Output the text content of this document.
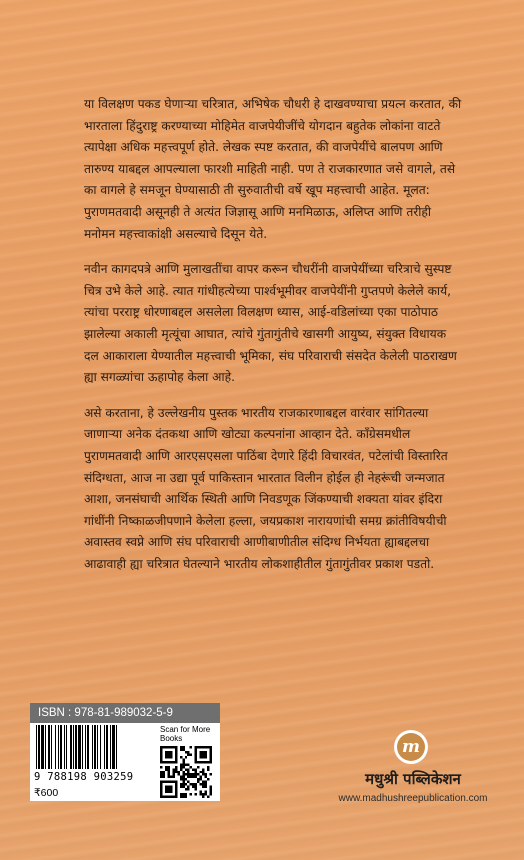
या विलक्षण पकड घेणाऱ्या चरित्रात, अभिषेक चौधरी हे दाखवण्याचा प्रयत्न करतात, की भारताला हिंदुराष्ट्र करण्याच्या मोहिमेत वाजपेयीजींचे योगदान बहुतेक लोकांना वाटते त्यापेक्षा अधिक महत्त्वपूर्ण होते. लेखक स्पष्ट करतात, की वाजपेयींचे बालपण आणि तारुण्य याबद्दल आपल्याला फारशी माहिती नाही. पण ते राजकारणात जसे वागले, तसे का वागले हे समजून घेण्यासाठी ती सुरुवातीची वर्षे खूप महत्त्वाची आहेत. मूलत: पुराणमतवादी असूनही ते अत्यंत जिज्ञासू आणि मनमिळाऊ, अलिप्त आणि तरीही मनोमन महत्त्वाकांक्षी असल्याचे दिसून येते.

नवीन कागदपत्रे आणि मुलाखतींचा वापर करून चौधरींनी वाजपेयींच्या चरित्राचे सुस्पष्ट चित्र उभे केले आहे. त्यात गांधीहत्येच्या पार्श्वभूमीवर वाजपेयींनी गुप्तपणे केलेले कार्य, त्यांचा परराष्ट्र धोरणाबद्दल असलेला विलक्षण ध्यास, आई-वडिलांच्या एका पाठोपाठ झालेल्या अकाली मृत्यूंचा आघात, त्यांचे गुंतागुंतीचे खासगी आयुष्य, संयुक्त विधायक दल आकाराला येण्यातील महत्त्वाची भूमिका, संघ परिवाराची संसदेत केलेली पाठराखण ह्या सगळ्यांचा ऊहापोह केला आहे.

असे करताना, हे उल्लेखनीय पुस्तक भारतीय राजकारणाबद्दल वारंवार सांगितल्या जाणाऱ्या अनेक दंतकथा आणि खोट्या कल्पनांना आव्हान देते. काँग्रेसमधील पुराणमतवादी आणि आरएसएसला पाठिंबा देणारे हिंदी विचारवंत, पटेलांची विस्तारित संदिग्धता, आज ना उद्या पूर्व पाकिस्तान भारतात विलीन होईल ही नेहरूंची जन्मजात आशा, जनसंघाची आर्थिक स्थिती आणि निवडणूक जिंकण्याची शक्यता यांवर इंदिरा गांधींनी निष्काळजीपणाने केलेला हल्ला, जयप्रकाश नारायणांची समग्र क्रांतीविषयीची अवास्तव स्वप्ने आणि संघ परिवाराची आणीबाणीतील संदिग्ध निर्भयता ह्याबद्दलचा आढावाही ह्या चरित्रात घेतल्याने भारतीय लोकशाहीतील गुंतागुंतीवर प्रकाश पडतो.

ISBN : 978-81-989032-5-9
9 788198 903259
₹600
Scan for More Books	m
मधुश्री पब्लिकेशन
www.madhushreepublication.com
